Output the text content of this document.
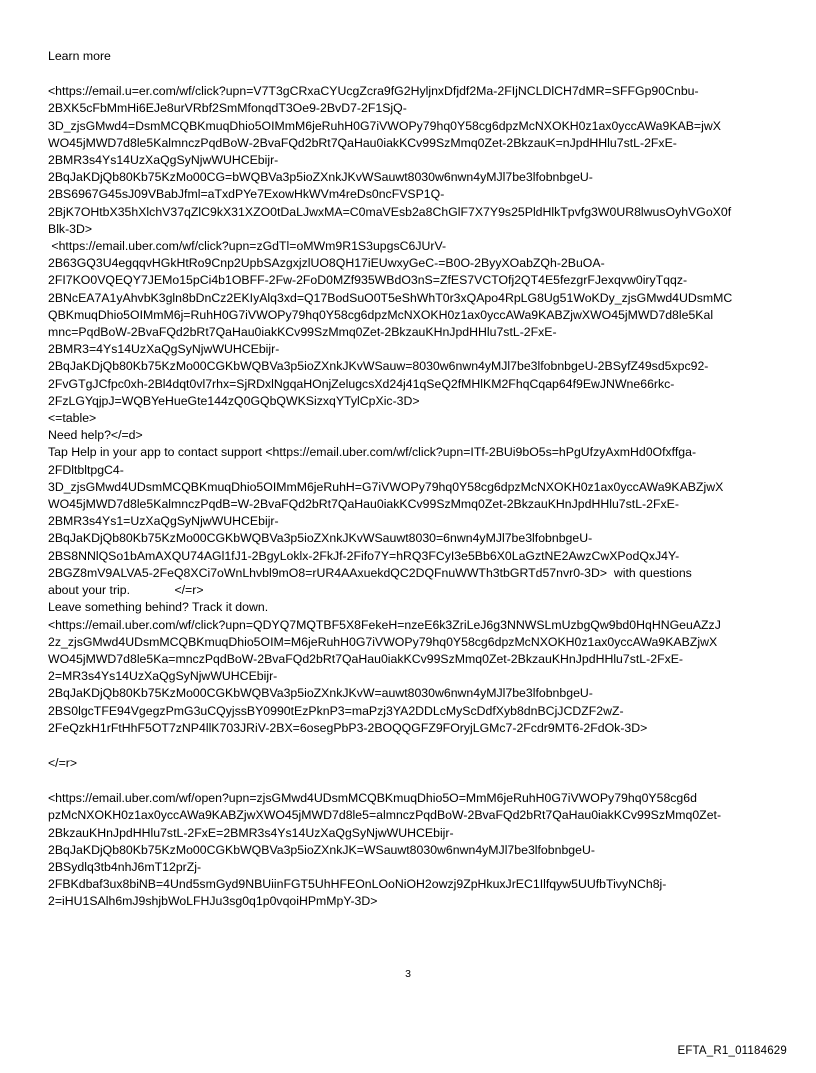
Learn more
<https://email.u=er.com/wf/click?upn=V7T3gCRxaCYUcgZcra9fG2HyljnxDfjdf2Ma-2FIjNCLDlCH7dMR=SFFGp90Cnbu-
2BXK5cFbMmHi6EJe8urVRbf2SmMfonqdT3Oe9-2BvD7-2F1SjQ-
3D_zjsGMwd4=DsmMCQBKmuqDhio5OIMmM6jeRuhH0G7iVWOPy79hq0Y58cg6dpzMcNXOKH0z1ax0yccAWa9KAB=jwX
WO45jMWD7d8le5KalmnczPqdBoW-2BvaFQd2bRt7QaHau0iakKCv99SzMmq0Zet-2BkzauK=nJpdHHlu7stL-2FxE-
2BMR3s4Ys14UzXaQgSyNjwWUHCEbijr-
2BqJaKDjQb80Kb75KzMo00CG=bWQBVa3p5ioZXnkJKvWSauwt8030w6nwn4yMJl7be3lfobnbgeU-
2BS6967G45sJ09VBabJfml=aTxdPYe7ExowHkWVm4reDs0ncFVSP1Q-
2BjK7OHtbX35hXlchV37qZlC9kX31XZO0tDaLJwxMA=C0maVEsb2a8ChGlF7X7Y9s25PldHlkTpvfg3W0UR8lwusOyhVGoX0f
Blk-3D>
<https://email.uber.com/wf/click?upn=zGdTl=oMWm9R1S3upgsC6JUrV-
2B63GQ3U4egqqvHGkHtRo9Cnp2UpbSAzgxjzlUO8QH17iEUwxyGeC-=B0O-2ByyXOabZQh-2BuOA-
2FI7KO0VQEQY7JEMo15pCi4b1OBFF-2Fw-2FoD0MZf935WBdO3nS=ZfES7VCTOfj2QT4E5fezgrFJexqvw0iryTqqz-
2BNcEA7A1yAhvbK3gln8bDnCz2EKIyAlq3xd=Q17BodSuO0T5eShWhT0r3xQApo4RpLG8Ug51WoKDy_zjsGMwd4UDsmMC
QBKmuqDhio5OIMmM6j=RuhH0G7iVWOPy79hq0Y58cg6dpzMcNXOKH0z1ax0yccAWa9KABZjwXWO45jMWD7d8le5Kal
mnc=PqdBoW-2BvaFQd2bRt7QaHau0iakKCv99SzMmq0Zet-2BkzauKHnJpdHHlu7stL-2FxE-
2BMR3=4Ys14UzXaQgSyNjwWUHCEbijr-
2BqJaKDjQb80Kb75KzMo00CGKbWQBVa3p5ioZXnkJKvWSauw=8030w6nwn4yMJl7be3lfobnbgeU-2BSyfZ49sd5xpc92-
2FvGTgJCfpc0xh-2Bl4dqt0vl7rhx=SjRDxlNgqaHOnjZelugcsXd24j41qSeQ2fMHlKM2FhqCqap64f9EwJNWne66rkc-
2FzLGYqjpJ=WQBYeHueGte144zQ0GQbQWKSizxqYTylCpXic-3D>
<=table>
Need help?</=d>
Tap Help in your app to contact support <https://email.uber.com/wf/click?upn=ITf-2BUi9bO5s=hPgUfzyAxmHd0Ofxffga-
2FDltbltpgC4-
3D_zjsGMwd4UDsmMCQBKmuqDhio5OIMmM6jeRuhH=G7iVWOPy79hq0Y58cg6dpzMcNXOKH0z1ax0yccAWa9KABZjwX
WO45jMWD7d8le5KalmnczPqdB=W-2BvaFQd2bRt7QaHau0iakKCv99SzMmq0Zet-2BkzauKHnJpdHHlu7stL-2FxE-
2BMR3s4Ys1=UzXaQgSyNjwWUHCEbijr-
2BqJaKDjQb80Kb75KzMo00CGKbWQBVa3p5ioZXnkJKvWSauwt8030=6nwn4yMJl7be3lfobnbgeU-
2BS8NNlQSo1bAmAXQU74AGl1fJ1-2BgyLoklx-2FkJf-2Fifo7Y=hRQ3FCyI3e5Bb6X0LaGztNE2AwzCwXPodQxJ4Y-
2BGZ8mV9ALVA5-2FeQ8XCi7oWnLhvbl9mO8=rUR4AAxuekdQC2DQFnuWWTh3tbGRTd57nvr0-3D>  with questions
about your trip.             </=r>
Leave something behind? Track it down.
<https://email.uber.com/wf/click?upn=QDYQ7MQTBF5X8FekeH=nzeE6k3ZriLeJ6g3NNWSLmUzbgQw9bd0HqHNGeuAZzJ
2z_zjsGMwd4UDsmMCQBKmuqDhio5OIM=M6jeRuhH0G7iVWOPy79hq0Y58cg6dpzMcNXOKH0z1ax0yccAWa9KABZjwX
WO45jMWD7d8le5Ka=mnczPqdBoW-2BvaFQd2bRt7QaHau0iakKCv99SzMmq0Zet-2BkzauKHnJpdHHlu7stL-2FxE-
2=MR3s4Ys14UzXaQgSyNjwWUHCEbijr-
2BqJaKDjQb80Kb75KzMo00CGKbWQBVa3p5ioZXnkJKvW=auwt8030w6nwn4yMJl7be3lfobnbgeU-
2BS0lgcTFE94VgegzPmG3uCQyjssBY0990tEzPknP3=maPzj3YA2DDLcMyScDdfXyb8dnBCjJCDZF2wZ-
2FeQzkH1rFtHhF5OT7zNP4llK703JRiV-2BX=6osegPbP3-2BOQQGFZ9FOryjLGMc7-2Fcdr9MT6-2FdOk-3D>
</=r>
<https://email.uber.com/wf/open?upn=zjsGMwd4UDsmMCQBKmuqDhio5O=MmM6jeRuhH0G7iVWOPy79hq0Y58cg6d
pzMcNXOKH0z1ax0yccAWa9KABZjwXWO45jMWD7d8le5=almnczPqdBoW-2BvaFQd2bRt7QaHau0iakKCv99SzMmq0Zet-
2BkzauKHnJpdHHlu7stL-2FxE=2BMR3s4Ys14UzXaQgSyNjwWUHCEbijr-
2BqJaKDjQb80Kb75KzMo00CGKbWQBVa3p5ioZXnkJK=WSauwt8030w6nwn4yMJl7be3lfobnbgeU-
2BSydlq3tb4nhJ6mT12prZj-
2FBKdbaf3ux8biNB=4Und5smGyd9NBUiinFGT5UhHFEOnLOoNiOH2owzj9ZpHkuxJrEC1Ilfqyw5UUfbTivyNCh8j-
2=iHU1SAlh6mJ9shjbWoLFHJu3sg0q1p0vqoiHPmMpY-3D>
3
EFTA_R1_01184629
